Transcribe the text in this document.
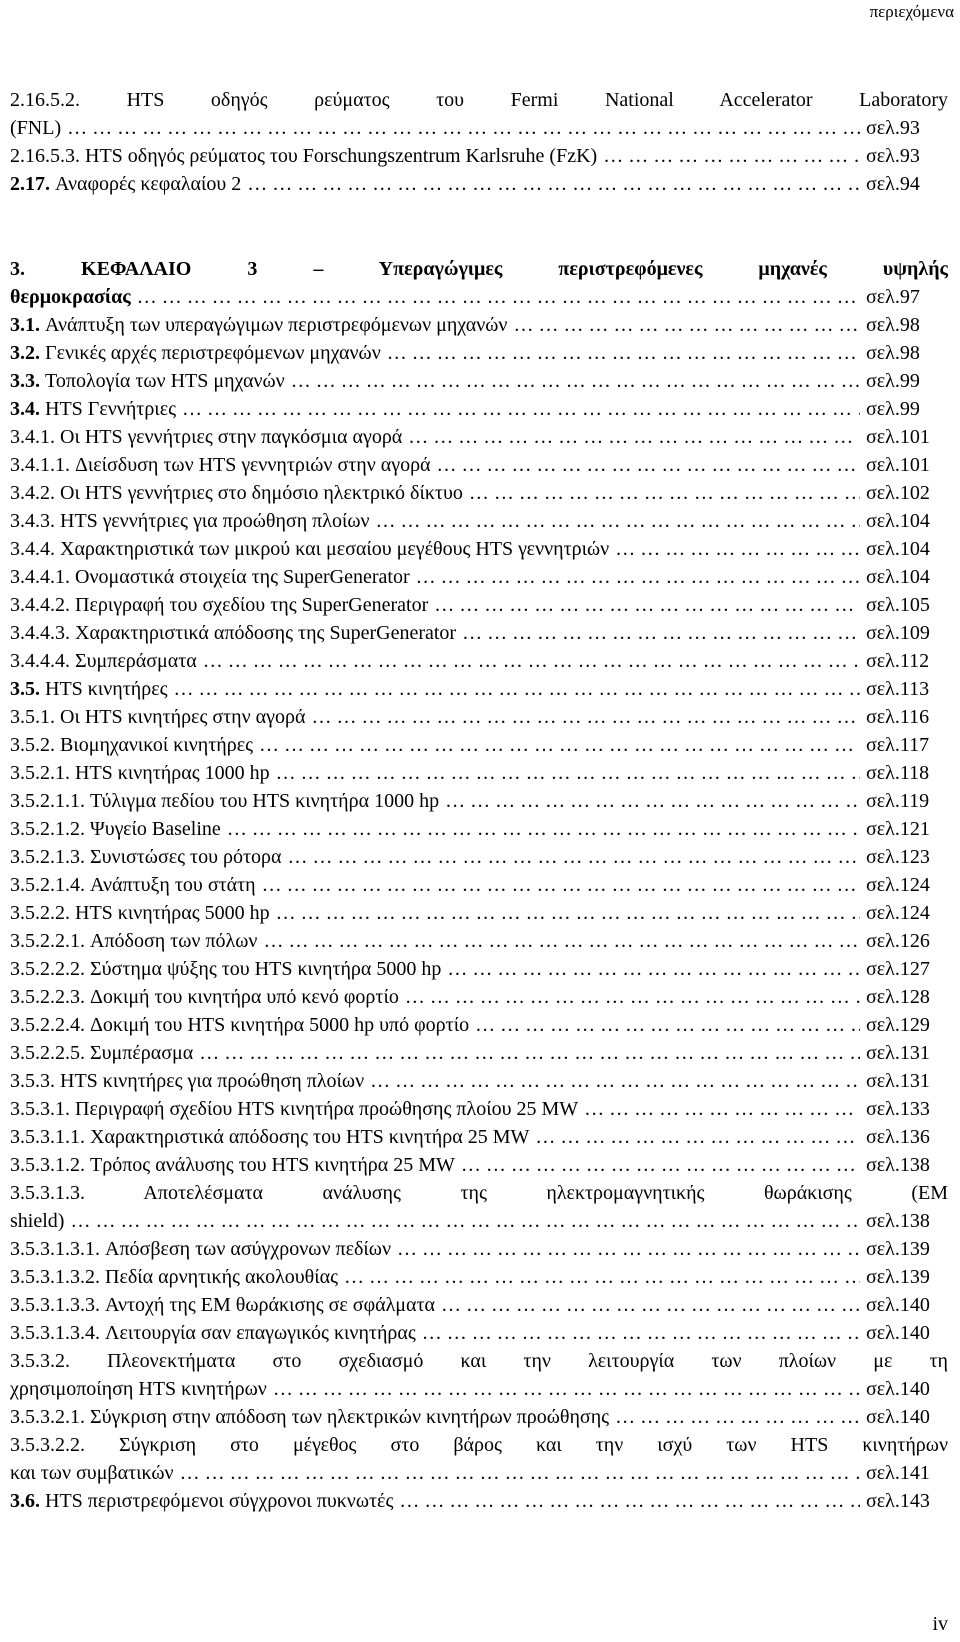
περιεχόμενα
2.16.5.2. HTS οδηγός ρεύματος του Fermi National Accelerator Laboratory
(FNL) ……………………………………………………………………………………………………………………………………………………………………………………………	σελ.93
2.16.5.3. HTS οδηγός ρεύματος του Forschungszentrum Karlsruhe (FzK) ……………………………………………………………………………………………………………………………………………………………………………………………	σελ.93
2.17. Αναφορές κεφαλαίου 2 ……………………………………………………………………………………………………………………………………………………………………………………………	σελ.94
3. ΚΕΦΑΛΑΙΟ 3 – Υπεραγώγιμες περιστρεφόμενες μηχανές υψηλής
θερμοκρασίας ……………………………………………………………………………………………………………………………………………………………………………………………	σελ.97
3.1. Ανάπτυξη των υπεραγώγιμων περιστρεφόμενων μηχανών ……………………………………………………………………………………………………………………………………………………………………………………………	σελ.98
3.2. Γενικές αρχές περιστρεφόμενων μηχανών ……………………………………………………………………………………………………………………………………………………………………………………………	σελ.98
3.3. Τοπολογία των HTS μηχανών ……………………………………………………………………………………………………………………………………………………………………………………………	σελ.99
3.4. HTS Γεννήτριες ……………………………………………………………………………………………………………………………………………………………………………………………	σελ.99
3.4.1. Οι HTS γεννήτριες στην παγκόσμια αγορά ……………………………………………………………………………………………………………………………………………………………………………………………	σελ.101
3.4.1.1. Διείσδυση των HTS γεννητριών στην αγορά ……………………………………………………………………………………………………………………………………………………………………………………………	σελ.101
3.4.2. Οι HTS γεννήτριες στο δημόσιο ηλεκτρικό δίκτυο ……………………………………………………………………………………………………………………………………………………………………………………………	σελ.102
3.4.3. HTS γεννήτριες για προώθηση πλοίων ……………………………………………………………………………………………………………………………………………………………………………………………	σελ.104
3.4.4. Χαρακτηριστικά των μικρού και μεσαίου μεγέθους HTS γεννητριών ……………………………………………………………………………………………………………………………………………………………………………………………	σελ.104
3.4.4.1. Ονομαστικά στοιχεία της SuperGenerator ……………………………………………………………………………………………………………………………………………………………………………………………	σελ.104
3.4.4.2. Περιγραφή του σχεδίου της SuperGenerator ……………………………………………………………………………………………………………………………………………………………………………………………	σελ.105
3.4.4.3. Χαρακτηριστικά απόδοσης της SuperGenerator ……………………………………………………………………………………………………………………………………………………………………………………………	σελ.109
3.4.4.4. Συμπεράσματα ……………………………………………………………………………………………………………………………………………………………………………………………	σελ.112
3.5. HTS κινητήρες ……………………………………………………………………………………………………………………………………………………………………………………………	σελ.113
3.5.1. Οι HTS κινητήρες στην αγορά ……………………………………………………………………………………………………………………………………………………………………………………………	σελ.116
3.5.2. Βιομηχανικοί κινητήρες ……………………………………………………………………………………………………………………………………………………………………………………………	σελ.117
3.5.2.1. HTS κινητήρας 1000 hp ……………………………………………………………………………………………………………………………………………………………………………………………	σελ.118
3.5.2.1.1. Τύλιγμα πεδίου του HTS κινητήρα 1000 hp ……………………………………………………………………………………………………………………………………………………………………………………………	σελ.119
3.5.2.1.2. Ψυγείο Baseline ……………………………………………………………………………………………………………………………………………………………………………………………	σελ.121
3.5.2.1.3. Συνιστώσες του ρότορα ……………………………………………………………………………………………………………………………………………………………………………………………	σελ.123
3.5.2.1.4. Ανάπτυξη του στάτη ……………………………………………………………………………………………………………………………………………………………………………………………	σελ.124
3.5.2.2. HTS κινητήρας 5000 hp ……………………………………………………………………………………………………………………………………………………………………………………………	σελ.124
3.5.2.2.1. Απόδοση των πόλων ……………………………………………………………………………………………………………………………………………………………………………………………	σελ.126
3.5.2.2.2. Σύστημα ψύξης του HTS κινητήρα 5000 hp ……………………………………………………………………………………………………………………………………………………………………………………………	σελ.127
3.5.2.2.3. Δοκιμή του κινητήρα υπό κενό φορτίο ……………………………………………………………………………………………………………………………………………………………………………………………	σελ.128
3.5.2.2.4. Δοκιμή του HTS κινητήρα 5000 hp υπό φορτίο ……………………………………………………………………………………………………………………………………………………………………………………………	σελ.129
3.5.2.2.5. Συμπέρασμα ……………………………………………………………………………………………………………………………………………………………………………………………	σελ.131
3.5.3. HTS κινητήρες για προώθηση πλοίων ……………………………………………………………………………………………………………………………………………………………………………………………	σελ.131
3.5.3.1. Περιγραφή σχεδίου HTS κινητήρα προώθησης πλοίου 25 MW ……………………………………………………………………………………………………………………………………………………………………………………………	σελ.133
3.5.3.1.1. Χαρακτηριστικά απόδοσης του HTS κινητήρα 25 MW ……………………………………………………………………………………………………………………………………………………………………………………………	σελ.136
3.5.3.1.2. Τρόπος ανάλυσης του HTS κινητήρα 25 MW ……………………………………………………………………………………………………………………………………………………………………………………………	σελ.138
3.5.3.1.3. Αποτελέσματα ανάλυσης της ηλεκτρομαγνητικής θωράκισης (EM
shield) ……………………………………………………………………………………………………………………………………………………………………………………………	σελ.138
3.5.3.1.3.1. Απόσβεση των ασύγχρονων πεδίων ……………………………………………………………………………………………………………………………………………………………………………………………	σελ.139
3.5.3.1.3.2. Πεδία αρνητικής ακολουθίας ……………………………………………………………………………………………………………………………………………………………………………………………	σελ.139
3.5.3.1.3.3. Αντοχή της EM θωράκισης σε σφάλματα ……………………………………………………………………………………………………………………………………………………………………………………………	σελ.140
3.5.3.1.3.4. Λειτουργία σαν επαγωγικός κινητήρας ……………………………………………………………………………………………………………………………………………………………………………………………	σελ.140
3.5.3.2. Πλεονεκτήματα στο σχεδιασμό και την λειτουργία των πλοίων με τη
χρησιμοποίηση HTS κινητήρων ……………………………………………………………………………………………………………………………………………………………………………………………	σελ.140
3.5.3.2.1. Σύγκριση στην απόδοση των ηλεκτρικών κινητήρων προώθησης ……………………………………………………………………………………………………………………………………………………………………………………………	σελ.140
3.5.3.2.2. Σύγκριση στο μέγεθος στο βάρος και την ισχύ των HTS κινητήρων
και των συμβατικών ……………………………………………………………………………………………………………………………………………………………………………………………	σελ.141
3.6. HTS περιστρεφόμενοι σύγχρονοι πυκνωτές ……………………………………………………………………………………………………………………………………………………………………………………………	σελ.143
iv
